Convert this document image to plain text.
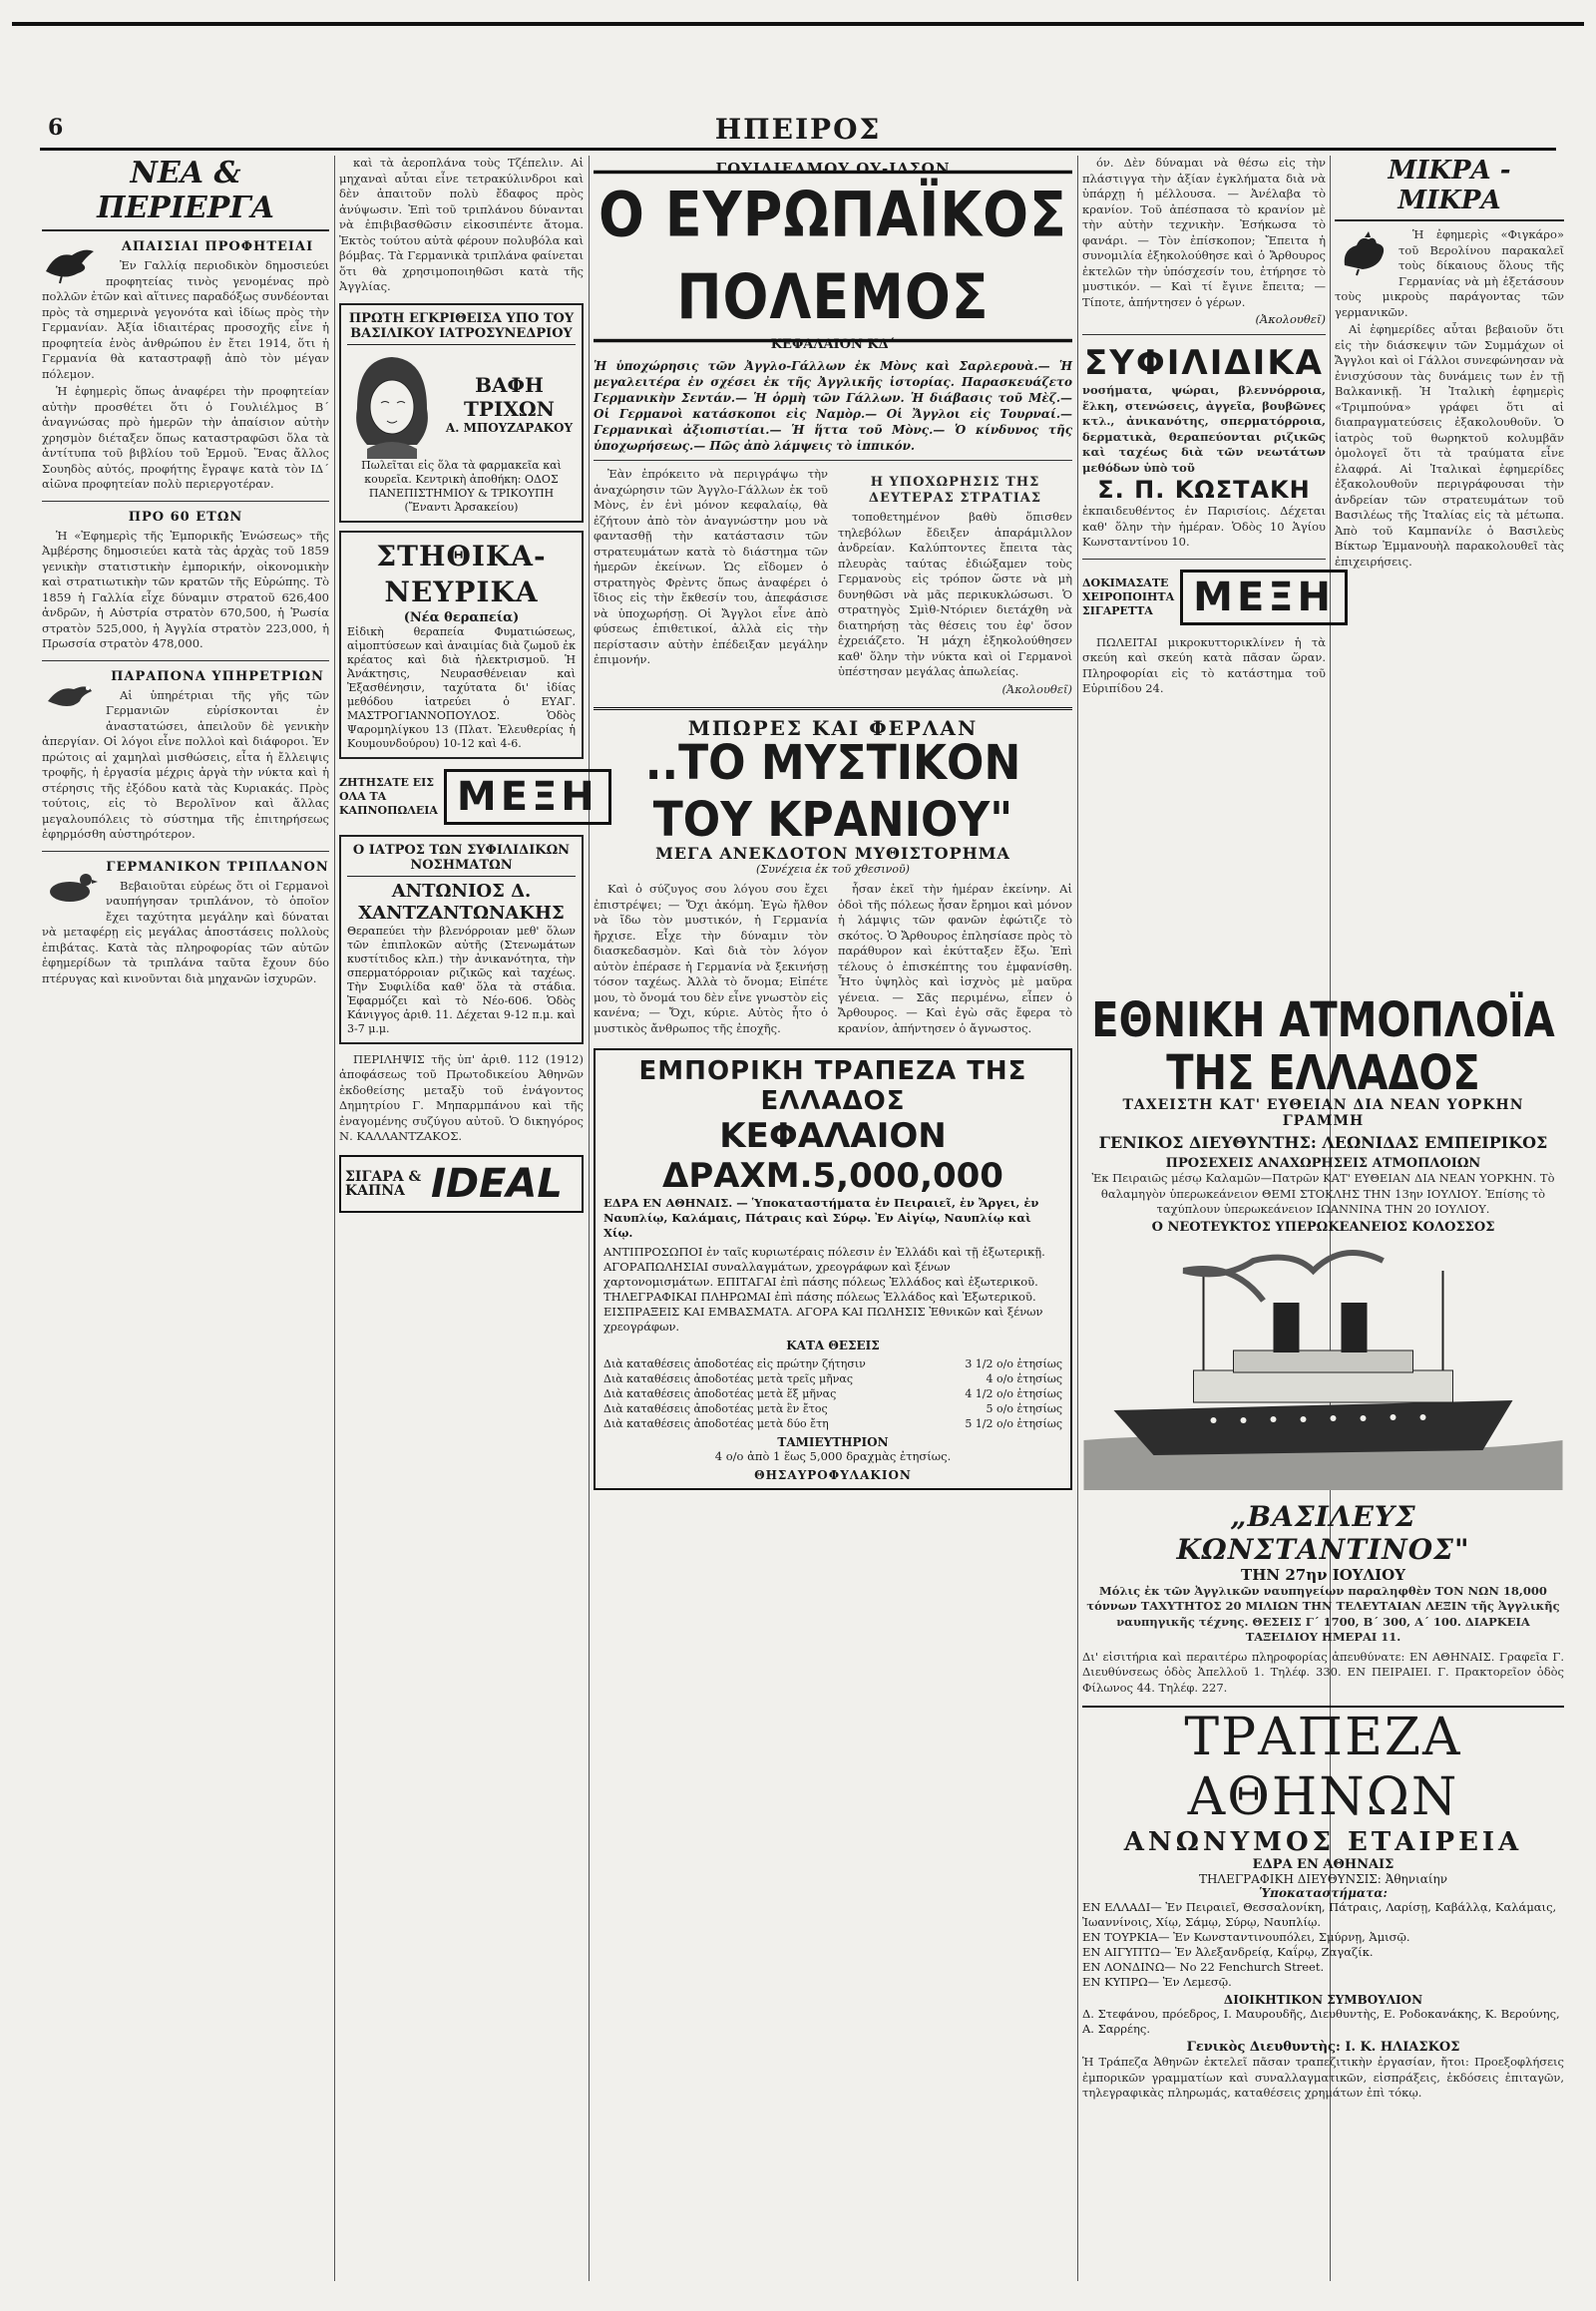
6	ΗΠΕΙΡΟΣ
ΝΕΑ & ΠΕΡΙΕΡΓΑ
ΑΠΑΙΣΙΑΙ ΠΡΟΦΗΤΕΙΑΙ

Ἐν Γαλλίᾳ περιοδικὸν δημοσιεύει προφητείας τινὸς γενομένας πρὸ πολλῶν ἐτῶν καὶ αἵτινες παραδόξως συνδέονται πρὸς τὰ σημερινὰ γεγονότα καὶ ἰδίως πρὸς τὴν Γερμανίαν. Ἀξία ἰδιαιτέρας προσοχῆς εἶνε ἡ προφητεία ἑνὸς ἀνθρώπου ἐν ἔτει 1914, ὅτι ἡ Γερμανία θὰ καταστραφῇ ἀπὸ τὸν μέγαν πόλεμον.

Ἡ ἐφημερὶς ὅπως ἀναφέρει τὴν προφητείαν αὐτὴν προσθέτει ὅτι ὁ Γουλιέλμος Β΄ ἀναγνώσας πρὸ ἡμερῶν τὴν ἀπαίσιον αὐτὴν χρησμὸν διέταξεν ὅπως καταστραφῶσι ὅλα τὰ ἀντίτυπα τοῦ βιβλίου τοῦ Ἑρμοῦ. Ἕνας ἄλλος Σουηδὸς αὐτός, προφήτης ἔγραψε κατὰ τὸν ΙΔ΄ αἰῶνα προφητείαν πολὺ περιεργοτέραν.

ΠΡΟ 60 ΕΤΩΝ

Ἡ «Ἐφημερὶς τῆς Ἐμπορικῆς Ἑνώσεως» τῆς Ἀμβέρσης δημοσιεύει κατὰ τὰς ἀρχὰς τοῦ 1859 γενικὴν στατιστικὴν ἐμπορικήν, οἰκονομικὴν καὶ στρατιωτικὴν τῶν κρατῶν τῆς Εὐρώπης. Τὸ 1859 ἡ Γαλλία εἶχε δύναμιν στρατοῦ 626,400 ἀνδρῶν, ἡ Αὐστρία στρατὸν 670,500, ἡ Ῥωσία στρατὸν 525,000, ἡ Ἀγγλία στρατὸν 223,000, ἡ Πρωσσία στρατὸν 478,000.

ΠΑΡΑΠΟΝΑ ΥΠΗΡΕΤΡΙΩΝ

Αἱ ὑπηρέτριαι τῆς γῆς τῶν Γερμανιῶν εὑρίσκονται ἐν ἀναστατώσει, ἀπειλοῦν δὲ γενικὴν ἀπεργίαν. Οἱ λόγοι εἶνε πολλοὶ καὶ διάφοροι. Ἐν πρώτοις αἱ χαμηλαὶ μισθώσεις, εἶτα ἡ ἔλλειψις τροφῆς, ἡ ἐργασία μέχρις ἀργὰ τὴν νύκτα καὶ ἡ στέρησις τῆς ἐξόδου κατὰ τὰς Κυριακάς. Πρὸς τούτοις, εἰς τὸ Βερολῖνον καὶ ἄλλας μεγαλουπόλεις τὸ σύστημα τῆς ἐπιτηρήσεως ἐφηρμόσθη αὐστηρότερον.

ΓΕΡΜΑΝΙΚΟΝ ΤΡΙΠΛΑΝΟΝ

Βεβαιοῦται εὐρέως ὅτι οἱ Γερμανοὶ ναυπήγησαν τριπλάνον, τὸ ὁποῖον ἔχει ταχύτητα μεγάλην καὶ δύναται νὰ μεταφέρῃ εἰς μεγάλας ἀποστάσεις πολλοὺς ἐπιβάτας. Κατὰ τὰς πληροφορίας τῶν αὐτῶν ἐφημερίδων τὰ τριπλάνα ταῦτα ἔχουν δύο πτέρυγας καὶ κινοῦνται διὰ μηχανῶν ἰσχυρῶν.

καὶ τὰ ἀεροπλάνα τοὺς Τζέπελιν. Αἱ μηχαναὶ αὗται εἶνε τετρακύλινδροι καὶ δὲν ἀπαιτοῦν πολὺ ἔδαφος πρὸς ἀνύψωσιν. Ἐπὶ τοῦ τριπλάνου δύνανται νὰ ἐπιβιβασθῶσιν εἰκοσιπέντε ἄτομα. Ἐκτὸς τούτου αὐτὰ φέρουν πολυβόλα καὶ βόμβας. Τὰ Γερμανικὰ τριπλάνα φαίνεται ὅτι θὰ χρησιμοποιηθῶσι κατὰ τῆς Ἀγγλίας.

ΠΡΩΤΗ ΕΓΚΡΙΘΕΙΣΑ ΥΠΟ ΤΟΥ ΒΑΣΙΛΙΚΟΥ ΙΑΤΡΟΣΥΝΕΔΡΙΟΥ
ΒΑΦΗ ΤΡΙΧΩΝ
Α. ΜΠΟΥΖΑΡΑΚΟΥ
Πωλεῖται εἰς ὅλα τὰ φαρμακεῖα καὶ κουρεῖα. Κεντρικὴ ἀποθήκη: ΟΔΟΣ ΠΑΝΕΠΙΣΤΗΜΙΟΥ & ΤΡΙΚΟΥΠΗ (Ἔναντι Ἀρσακείου)
ΣΤΗΘΙΚΑ-ΝΕΥΡΙΚΑ
(Νέα θεραπεία)
Εἰδικὴ θεραπεία Φυματιώσεως, αἱμοπτύσεων καὶ ἀναιμίας διὰ ζωμοῦ ἐκ κρέατος καὶ διὰ ἠλεκτρισμοῦ. Ἡ Ἀνάκτησις, Νευρασθένειαν καὶ Ἐξασθένησιν, ταχύτατα δι' ἰδίας μεθόδου ἰατρεύει ὁ ΕΥΑΓ. ΜΑΣΤΡΟΓΙΑΝΝΟΠΟΥΛΟΣ. Ὁδὸς Ψαρομηλίγκου 13 (Πλατ. Ἐλευθερίας ἡ Κουμουνδούρου) 10-12 καὶ 4-6.
ΖΗΤΗΣΑΤΕ ΕΙΣ ΟΛΑ ΤΑ ΚΑΠΝΟΠΩΛΕΙΑ ΜΕΞΗ
Ο ΙΑΤΡΟΣ ΤΩΝ ΣΥΦΙΛΙΔΙΚΩΝ ΝΟΣΗΜΑΤΩΝ
ΑΝΤΩΝΙΟΣ Δ. ΧΑΝΤΖΑΝΤΩΝΑΚΗΣ
Θεραπεύει τὴν βλενόρροιαν μεθ' ὅλων τῶν ἐπιπλοκῶν αὐτῆς (Στενωμάτων κυστίτιδος κλπ.) τὴν ἀνικανότητα, τὴν σπερματόρροιαν ριζικῶς καὶ ταχέως. Τὴν Συφιλίδα καθ' ὅλα τὰ στάδια. Ἐφαρμόζει καὶ τὸ Νέο-606. Ὁδὸς Κάνιγγος ἀριθ. 11. Δέχεται 9-12 π.μ. καὶ 3-7 μ.μ.

ΠΕΡΙΛΗΨΙΣ τῆς ὑπ' ἀριθ. 112 (1912) ἀποφάσεως τοῦ Πρωτοδικείου Ἀθηνῶν ἐκδοθείσης μεταξὺ τοῦ ἐνάγοντος Δημητρίου Γ. Μηπαρμπάνου καὶ τῆς ἐναγομένης συζύγου αὐτοῦ. Ὁ δικηγόρος Ν. ΚΑΛΛΑΝΤΖΑΚΟΣ.

ΣΙΓΑΡΑ & ΚΑΠΝΑ IDEAL
ΓΟΥΙΛΙΕΛΜΟΥ ΟΥ-ΙΛΣΩΝ
Ο ΕΥΡΩΠΑΪΚΟΣ ΠΟΛΕΜΟΣ
ΚΕΦΑΛΑΙΟΝ ΚΔ΄
Ἡ ὑποχώρησις τῶν Ἀγγλο-Γάλλων ἐκ Μὸνς καὶ Σαρλερουὰ.— Ἡ μεγαλειτέρα ἐν σχέσει ἐκ τῆς Ἀγγλικῆς ἱστορίας. Παρασκευάζετο Γερμανικὴν Σεντάν.— Ἡ ὁρμὴ τῶν Γάλλων. Ἡ διάβασις τοῦ Μὲζ.— Οἱ Γερμανοὶ κατάσκοποι εἰς Ναμὸρ.— Οἱ Ἄγγλοι εἰς Τουρναί.— Γερμανικαὶ ἀξιοπιστίαι.— Ἡ ἥττα τοῦ Μὸνς.— Ὁ κίνδυνος τῆς ὑποχωρήσεως.— Πῶς ἀπὸ λάμψεις τὸ ἱππικόν.

Ἐὰν ἐπρόκειτο νὰ περιγράψω τὴν ἀναχώρησιν τῶν Ἀγγλο-Γάλλων ἐκ τοῦ Μὸνς, ἐν ἑνὶ μόνον κεφαλαίῳ, θὰ ἐζήτουν ἀπὸ τὸν ἀναγνώστην μου νὰ φαντασθῇ τὴν κατάστασιν τῶν στρατευμάτων κατὰ τὸ διάστημα τῶν ἡμερῶν ἐκείνων. Ὡς εἴδομεν ὁ στρατηγὸς Φρὲντς ὅπως ἀναφέρει ὁ ἴδιος εἰς τὴν ἔκθεσίν του, ἀπεφάσισε νὰ ὑποχωρήσῃ. Οἱ Ἄγγλοι εἶνε ἀπὸ φύσεως ἐπιθετικοί, ἀλλὰ εἰς τὴν περίστασιν αὐτὴν ἐπέδειξαν μεγάλην ἐπιμονήν.

Η ΥΠΟΧΩΡΗΣΙΣ ΤΗΣ ΔΕΥΤΕΡΑΣ ΣΤΡΑΤΙΑΣ

τοποθετημένον βαθὺ ὅπισθεν τηλεβόλων ἔδειξεν ἀπαράμιλλον ἀνδρείαν. Καλύπτοντες ἔπειτα τὰς πλευρὰς ταύτας ἐδιώξαμεν τοὺς Γερμανοὺς εἰς τρόπον ὥστε νὰ μὴ δυνηθῶσι νὰ μᾶς περικυκλώσωσι. Ὁ στρατηγὸς Σμὶθ-Ντόριεν διετάχθη νὰ διατηρήσῃ τὰς θέσεις του ἐφ' ὅσον ἐχρειάζετο. Ἡ μάχη ἐξηκολούθησεν καθ' ὅλην τὴν νύκτα καὶ οἱ Γερμανοὶ ὑπέστησαν μεγάλας ἀπωλείας.

(Ἀκολουθεῖ)
ΜΠΩΡΕΣ ΚΑΙ ΦΕΡΛΑΝ
..ΤΟ ΜΥΣΤΙΚΟΝ ΤΟΥ ΚΡΑΝΙΟΥ"
ΜΕΓΑ ΑΝΕΚΔΟΤΟΝ ΜΥΘΙΣΤΟΡΗΜΑ
(Συνέχεια ἐκ τοῦ χθεσινοῦ)

Καὶ ὁ σύζυγος σου λόγου σου ἔχει ἐπιστρέψει; — Ὄχι ἀκόμη. Ἐγὼ ἤλθον νὰ ἴδω τὸν μυστικόν, ἡ Γερμανία ἤρχισε. Εἶχε τὴν δύναμιν τὸν διασκεδασμὸν. Καὶ διὰ τὸν λόγον αὐτὸν ἐπέρασε ἡ Γερμανία νὰ ξεκινήσῃ τόσον ταχέως. Ἀλλὰ τὸ ὄνομα; Εἰπέτε μου, τὸ ὄνομά του δὲν εἶνε γνωστὸν εἰς κανένα; — Ὄχι, κύριε. Αὐτὸς ἦτο ὁ μυστικὸς ἄνθρωπος τῆς ἐποχῆς.

ἦσαν ἐκεῖ τὴν ἡμέραν ἐκείνην. Αἱ ὁδοὶ τῆς πόλεως ἦσαν ἔρημοι καὶ μόνον ἡ λάμψις τῶν φανῶν ἐφώτιζε τὸ σκότος. Ὁ Ἄρθουρος ἐπλησίασε πρὸς τὸ παράθυρον καὶ ἐκύτταξεν ἔξω. Ἐπὶ τέλους ὁ ἐπισκέπτης του ἐμφανίσθη. Ἦτο ὑψηλὸς καὶ ἰσχνὸς μὲ μαῦρα γένεια. — Σᾶς περιμένω, εἶπεν ὁ Ἄρθουρος. — Καὶ ἐγὼ σᾶς ἔφερα τὸ κρανίον, ἀπήντησεν ὁ ἄγνωστος.

ΕΜΠΟΡΙΚΗ ΤΡΑΠΕΖΑ ΤΗΣ ΕΛΛΑΔΟΣ
ΚΕΦΑΛΑΙΟΝ ΔΡΑΧΜ.5,000,000
ΕΔΡΑ ΕΝ ΑΘΗΝΑΙΣ. — Ὑποκαταστήματα ἐν Πειραιεῖ, ἐν Ἄργει, ἐν Ναυπλίῳ, Καλάμαις, Πάτραις καὶ Σύρῳ. Ἐν Αἰγίῳ, Ναυπλίῳ καὶ Χίῳ.
ΑΝΤΙΠΡΟΣΩΠΟΙ ἐν ταῖς κυριωτέραις πόλεσιν ἐν Ἑλλάδι καὶ τῇ ἐξωτερικῇ. ΑΓΟΡΑΠΩΛΗΣΙΑΙ συναλλαγμάτων, χρεογράφων καὶ ξένων χαρτονομισμάτων. ΕΠΙΤΑΓΑΙ ἐπὶ πάσης πόλεως Ἑλλάδος καὶ ἐξωτερικοῦ. ΤΗΛΕΓΡΑΦΙΚΑΙ ΠΛΗΡΩΜΑΙ ἐπὶ πάσης πόλεως Ἑλλάδος καὶ Ἐξωτερικοῦ. ΕΙΣΠΡΑΞΕΙΣ ΚΑΙ ΕΜΒΑΣΜΑΤΑ. ΑΓΟΡΑ ΚΑΙ ΠΩΛΗΣΙΣ Ἐθνικῶν καὶ ξένων χρεογράφων.
ΚΑΤΑ ΘΕΣΕΙΣ
Διὰ καταθέσεις ἀποδοτέας εἰς πρώτην ζήτησιν	3 1/2 ο/ο ἐτησίως
Διὰ καταθέσεις ἀποδοτέας μετὰ τρεῖς μῆνας	4 ο/ο ἐτησίως
Διὰ καταθέσεις ἀποδοτέας μετὰ ἕξ μῆνας	4 1/2 ο/ο ἐτησίως
Διὰ καταθέσεις ἀποδοτέας μετὰ ἓν ἔτος	5 ο/ο ἐτησίως
Διὰ καταθέσεις ἀποδοτέας μετὰ δύο ἔτη	5 1/2 ο/ο ἐτησίως
ΤΑΜΙΕΥΤΗΡΙΟΝ
4 ο/ο ἀπὸ 1 ἕως 5,000 δραχμὰς ἐτησίως.
ΘΗΣΑΥΡΟΦΥΛΑΚΙΟΝ

όν. Δὲν δύναμαι νὰ θέσω εἰς τὴν πλάστιγγα τὴν ἀξίαν ἐγκλήματα διὰ νὰ ὑπάρχῃ ἡ μέλλουσα. — Ἀνέλαβα τὸ κρανίον. Τοῦ ἀπέσπασα τὸ κρανίον μὲ τὴν αὐτὴν τεχνικὴν. Ἐσήκωσα τὸ φανάρι. — Τὸν ἐπίσκοπον; Ἔπειτα ἡ συνομιλία ἐξηκολούθησε καὶ ὁ Ἄρθουρος ἐκτελῶν τὴν ὑπόσχεσίν του, ἐτήρησε τὸ μυστικόν. — Καὶ τί ἔγινε ἔπειτα; — Τίποτε, ἀπήντησεν ὁ γέρων.

(Ἀκολουθεῖ)
ΣΥΦΙΛΙΔΙΚΑ
νοσήματα, ψώραι, βλεννόρροια, ἕλκη, στενώσεις, ἀγγεῖα, βουβῶνες κτλ., ἀνικανότης, σπερματόρροια, δερματικὰ, θεραπεύονται ριζικῶς καὶ ταχέως διὰ τῶν νεωτάτων μεθόδων ὑπὸ τοῦ
Σ. Π. ΚΩΣΤΑΚΗ
ἐκπαιδευθέντος ἐν Παρισίοις. Δέχεται καθ' ὅλην τὴν ἡμέραν. Ὁδὸς 10 Ἁγίου Κωνσταντίνου 10.
ΔΟΚΙΜΑΣΑΤΕ ΧΕΙΡΟΠΟΙΗΤΑ ΣΙΓΑΡΕΤΤΑ	ΜΕΞΗ

ΠΩΛΕΙΤΑΙ μικροκυττορικλίνεν ἡ τὰ σκεύη καὶ σκεύη κατὰ πᾶσαν ὥραν. Πληροφορίαι εἰς τὸ κατάστημα τοῦ Εὐριπίδου 24.

ΜΙΚΡΑ - ΜΙΚΡΑ

Ἡ ἐφημερὶς «Φιγκάρο» τοῦ Βερολίνου παρακαλεῖ τοὺς δίκαιους ὅλους τῆς Γερμανίας νὰ μὴ ἐξετάσουν τοὺς μικροὺς παράγοντας τῶν γερμανικῶν.

Αἱ ἐφημερίδες αὗται βεβαιοῦν ὅτι εἰς τὴν διάσκεψιν τῶν Συμμάχων οἱ Ἄγγλοι καὶ οἱ Γάλλοι συνεφώνησαν νὰ ἐνισχύσουν τὰς δυνάμεις των ἐν τῇ Βαλκανικῇ. Ἡ Ἰταλικὴ ἐφημερὶς «Τριμπούνα» γράφει ὅτι αἱ διαπραγματεύσεις ἐξακολουθοῦν. Ὁ ἰατρὸς τοῦ θωρηκτοῦ κολυμβᾶν ὁμολογεῖ ὅτι τὰ τραύματα εἶνε ἐλαφρά. Αἱ Ἰταλικαὶ ἐφημερίδες ἐξακολουθοῦν περιγράφουσαι τὴν ἀνδρείαν τῶν στρατευμάτων τοῦ Βασιλέως τῆς Ἰταλίας εἰς τὰ μέτωπα. Ἀπὸ τοῦ Καμπανίλε ὁ Βασιλεὺς Βίκτωρ Ἐμμανουὴλ παρακολουθεῖ τὰς ἐπιχειρήσεις.

ΕΘΝΙΚΗ ΑΤΜΟΠΛΟΪΑ ΤΗΣ ΕΛΛΑΔΟΣ
ΤΑΧΕΙΣΤΗ ΚΑΤ' ΕΥΘΕΙΑΝ ΔΙΑ ΝΕΑΝ ΥΟΡΚΗΝ ΓΡΑΜΜΗ
ΓΕΝΙΚΟΣ ΔΙΕΥΘΥΝΤΗΣ: ΛΕΩΝΙΔΑΣ ΕΜΠΕΙΡΙΚΟΣ
ΠΡΟΣΕΧΕΙΣ ΑΝΑΧΩΡΗΣΕΙΣ ΑΤΜΟΠΛΟΙΩΝ
Ἐκ Πειραιῶς μέσῳ Καλαμῶν—Πατρῶν ΚΑΤ' ΕΥΘΕΙΑΝ ΔΙΑ ΝΕΑΝ ΥΟΡΚΗΝ. Τὸ θαλαμηγὸν ὑπερωκεάνειον ΘΕΜΙ ΣΤΟΚΛΗΣ ΤΗΝ 13ην ΙΟΥΛΙΟΥ. Ἐπίσης τὸ ταχύπλουν ὑπερωκεάνειον ΙΩΑΝΝΙΝΑ ΤΗΝ 20 ΙΟΥΛΙΟΥ.
Ο ΝΕΟΤΕΥΚΤΟΣ ΥΠΕΡΩΚΕΑΝΕΙΟΣ ΚΟΛΟΣΣΟΣ
„ΒΑΣΙΛΕΥΣ ΚΩΝΣΤΑΝΤΙΝΟΣ"
ΤΗΝ 27ην ΙΟΥΛΙΟΥ
Μόλις ἐκ τῶν Ἀγγλικῶν ναυπηγείων παραληφθὲν ΤΟΝ ΝΩΝ 18,000 τόννων ΤΑΧΥΤΗΤΟΣ 20 ΜΙΛΙΩΝ ΤΗΝ ΤΕΛΕΥΤΑΙΑΝ ΛΕΞΙΝ τῆς Ἀγγλικῆς ναυπηγικῆς τέχνης. ΘΕΣΕΙΣ Γ΄ 1700, Β΄ 300, Α΄ 100. ΔΙΑΡΚΕΙΑ ΤΑΞΕΙΔΙΟΥ ΗΜΕΡΑΙ 11.
Δι' εἰσιτήρια καὶ περαιτέρω πληροφορίας ἀπευθύνατε: ΕΝ ΑΘΗΝΑΙΣ. Γραφεῖα Γ. Διευθύνσεως ὁδὸς Ἀπελλοῦ 1. Τηλέφ. 330. ΕΝ ΠΕΙΡΑΙΕΙ. Γ. Πρακτορεῖον ὁδὸς Φίλωνος 44. Τηλέφ. 227.
ΤΡΑΠΕΖΑ ΑΘΗΝΩΝ
ΑΝΩΝΥΜΟΣ ΕΤΑΙΡΕΙΑ
ΕΔΡΑ ΕΝ ΑΘΗΝΑΙΣ
ΤΗΛΕΓΡΑΦΙΚΗ ΔΙΕΥΘΥΝΣΙΣ: Ἀθηνιαίην
Ὑποκαταστήματα:
ΕΝ ΕΛΛΑΔΙ— Ἐν Πειραιεῖ, Θεσσαλονίκη, Πάτραις, Λαρίσῃ, Καβάλλᾳ, Καλάμαις, Ἰωαννίνοις, Χίῳ, Σάμῳ, Σύρῳ, Ναυπλίῳ.
ΕΝ ΤΟΥΡΚΙΑ— Ἐν Κωνσταντινουπόλει, Σμύρνῃ, Ἀμισῷ.
ΕΝ ΑΙΓΥΠΤΩ— Ἐν Ἀλεξανδρείᾳ, Καΐρῳ, Ζαγαζίκ.
ΕΝ ΛΟΝΔΙΝΩ— Νο 22 Fenchurch Street.
ΕΝ ΚΥΠΡΩ— Ἐν Λεμεσῷ.
ΔΙΟΙΚΗΤΙΚΟΝ ΣΥΜΒΟΥΛΙΟΝ
Δ. Στεφάνου, πρόεδρος, Ι. Μαυρουδῆς, Διευθυντὴς, Ε. Ροδοκανάκης, Κ. Βερούνης, Α. Σαρρέης.
Γενικὸς Διευθυντὴς: Ι. Κ. ΗΛΙΑΣΚΟΣ
Ἡ Τράπεζα Ἀθηνῶν ἐκτελεῖ πᾶσαν τραπεζιτικὴν ἐργασίαν, ἤτοι: Προεξοφλήσεις ἐμπορικῶν γραμματίων καὶ συναλλαγματικῶν, εἰσπράξεις, ἐκδόσεις ἐπιταγῶν, τηλεγραφικὰς πληρωμάς, καταθέσεις χρημάτων ἐπὶ τόκῳ.
